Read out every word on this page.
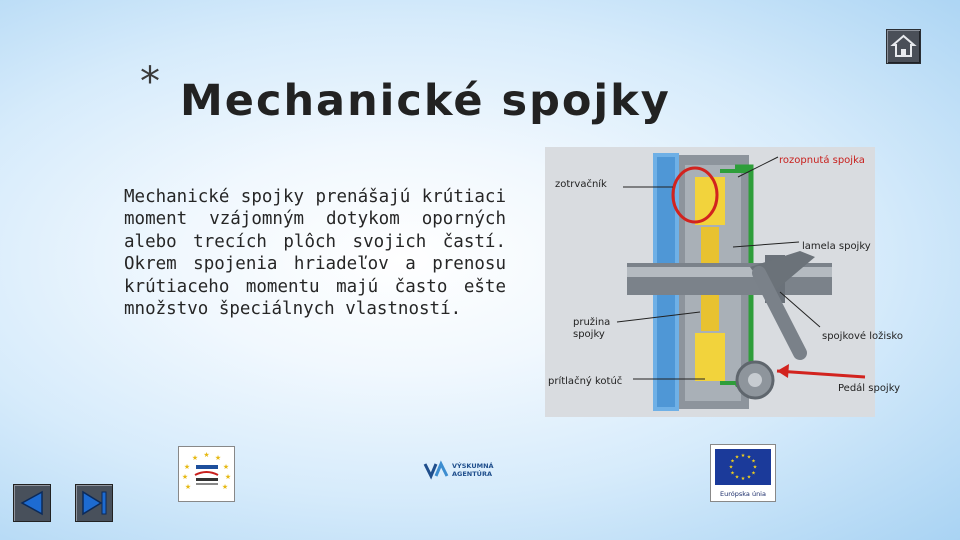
* Mechanické spojky

Mechanické spojky prenášajú krútiaci moment vzájomným dotykom oporných alebo trecích plôch svojich častí. Okrem spojenia hriadeľov a prenosu krútiaceho momentu majú často ešte množstvo špeciálnych vlastností.

rozopnutá spojka
zotrvačník
lamela spojky
pružina
spojky	spojkové ložisko
prítlačný kotúč
Pedál spojky
★ ★
★
★
★
★
★
★
★
VÝSKUMNÁ
AGENTÚRA
★ ★
★
★
★
★
★
★
★
★
★
★
Európska únia
